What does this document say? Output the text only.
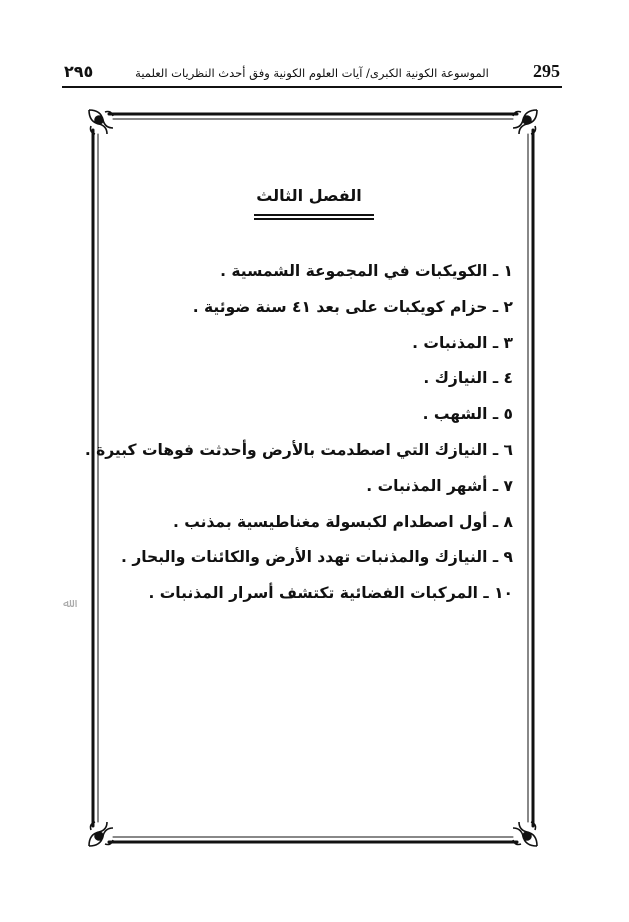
٢٩٥	الموسوعة الكونية الكبرى/ آيات العلوم الكونية وفق أحدث النظريات العلمية	295
الفصل الثالث
١ ـ الكويكبات في المجموعة الشمسية .
٢ ـ حزام كويكبات على بعد ٤١ سنة ضوئية .
٣ ـ المذنبات .
٤ ـ النيازك .
٥ ـ الشهب .
٦ ـ النيازك التي اصطدمت بالأرض وأحدثت فوهات كبيرة .
٧ ـ أشهر المذنبات .
٨ ـ أول اصطدام لكبسولة مغناطيسية بمذنب .
٩ ـ النيازك والمذنبات تهدد الأرض والكائنات والبحار .
١٠ ـ المركبات الفضائية تكتشف أسرار المذنبات .
ﷲ
